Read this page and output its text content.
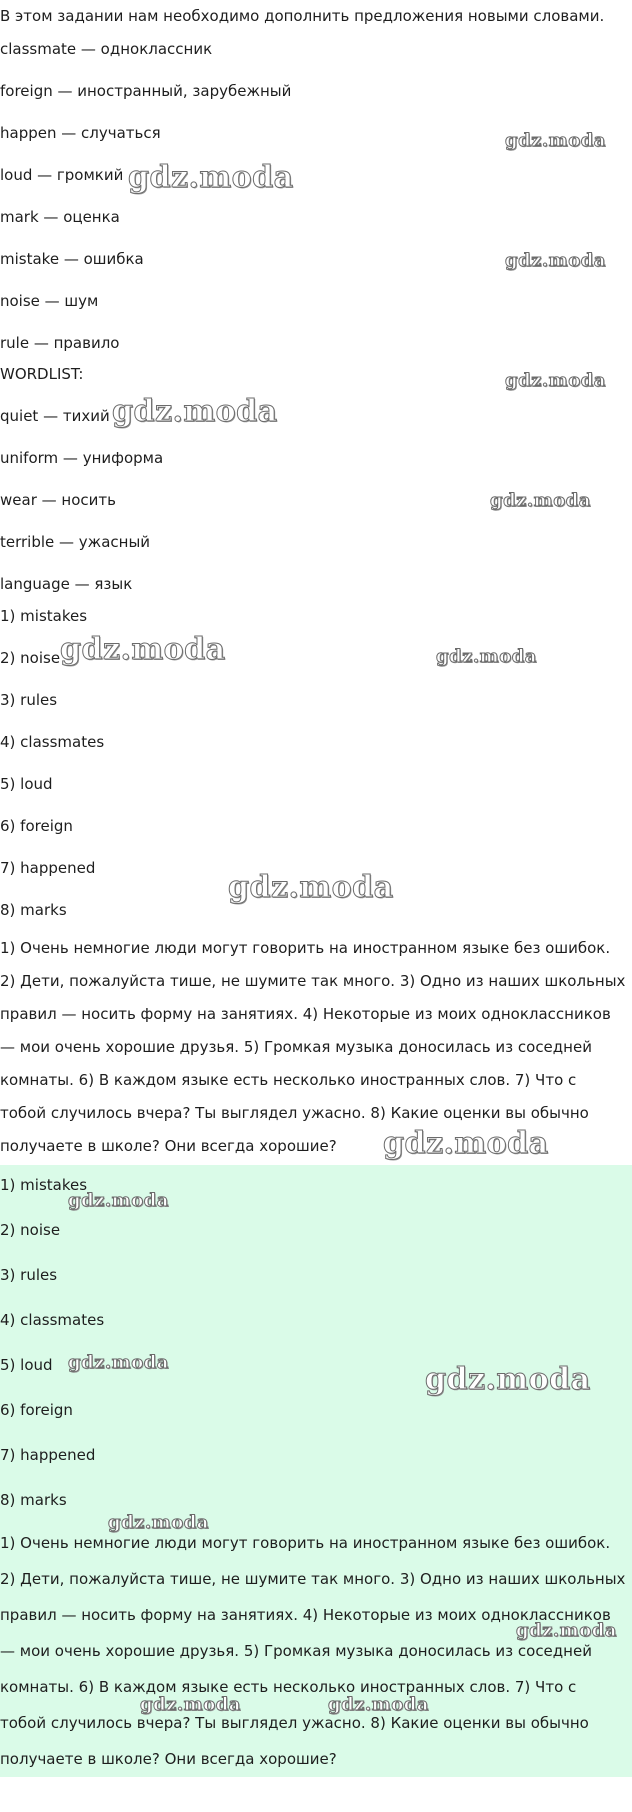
В этом задании нам необходимо дополнить предложения новыми словами.

classmate — одноклассник

foreign — иностранный, зарубежный

happen — случаться

loud — громкий

mark — оценка

mistake — ошибка

noise — шум

rule — правило

WORDLIST:

quiet — тихий

uniform — униформа

wear — носить

terrible — ужасный

language — язык

1) mistakes

2) noise

3) rules

4) classmates

5) loud

6) foreign

7) happened

8) marks

1) Очень немногие люди могут говорить на иностранном языке без ошибок. 2) Дети, пожалуйста тише, не шумите так много. 3) Одно из наших школьных правил — носить форму на занятиях. 4) Некоторые из моих одноклассников — мои очень хорошие друзья. 5) Громкая музыка доносилась из соседней комнаты. 6) В каждом языке есть несколько иностранных слов. 7) Что с тобой случилось вчера? Ты выглядел ужасно. 8) Какие оценки вы обычно получаете в школе? Они всегда хорошие?

1) mistakes

2) noise

3) rules

4) classmates

5) loud

6) foreign

7) happened

8) marks

1) Очень немногие люди могут говорить на иностранном языке без ошибок. 2) Дети, пожалуйста тише, не шумите так много. 3) Одно из наших школьных правил — носить форму на занятиях. 4) Некоторые из моих одноклассников — мои очень хорошие друзья. 5) Громкая музыка доносилась из соседней комнаты. 6) В каждом языке есть несколько иностранных слов. 7) Что с тобой случилось вчера? Ты выглядел ужасно. 8) Какие оценки вы обычно получаете в школе? Они всегда хорошие?

gdz.moda
gdz.moda
gdz.moda
gdz.moda
gdz.moda
gdz.moda
gdz.moda	gdz.moda
gdz.moda
gdz.moda
gdz.moda
gdz.moda	gdz.moda
gdz.moda
gdz.moda
gdz.moda	gdz.moda
